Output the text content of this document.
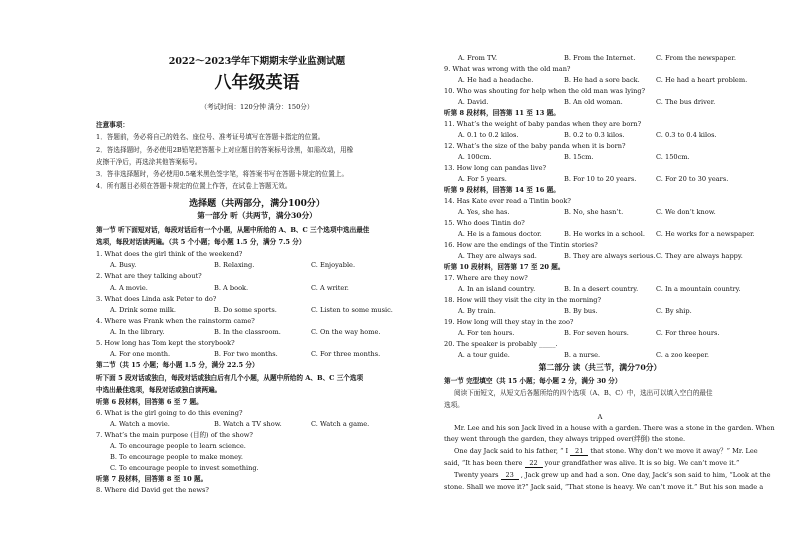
2022～2023学年下期期末学业监测试题
八年级英语
（考试时间：120分钟 满分：150分）
注意事项：
1．答题前，务必将自己的姓名、座位号、准考证号填写在答题卡指定的位置。
2．答选择题时，务必使用2B铅笔把答题卡上对应题目的答案标号涂黑，如需改动，用橡
皮擦干净后，再选涂其他答案标号。
3．答非选择题时，务必使用0.5毫米黑色签字笔，将答案书写在答题卡规定的位置上。
4．所有题目必须在答题卡规定的位置上作答，在试卷上答题无效。
选择题（共两部分，满分100分）
第一部分 听（共两节，满分30分）
第一节 听下面短对话，每段对话后有一个小题，从题中所给的 A、B、C 三个选项中选出最佳
选项，每段对话读两遍。（共 5 个小题；每小题 1.5 分，满分 7.5 分）
1. What does the girl think of the weekend?
A. Busy.	B. Relaxing.	C. Enjoyable.
2. What are they talking about?
A. A movie.	B. A book.	C. A writer.
3. What does Linda ask Peter to do?
A. Drink some milk.	B. Do some sports.	C. Listen to some music.
4. Where was Frank when the rainstorm came?
A. In the library.	B. In the classroom.	C. On the way home.
5. How long has Tom kept the storybook?
A. For one month.	B. For two months.	C. For three months.
第二节（共 15 小题；每小题 1.5 分，满分 22.5 分）
听下面 5 段对话或独白，每段对话或独白后有几个小题，从题中所给的 A、B、C 三个选项
中选出最佳选项，每段对话或独白读两遍。
听第 6 段材料，回答第 6 至 7 题。
6. What is the girl going to do this evening?
A. Watch a movie.	B. Watch a TV show.	C. Watch a game.
7. What’s the main purpose (目的) of the show?
A. To encourage people to learn science.
B. To encourage people to make money.
C. To encourage people to invest something.
听第 7 段材料，回答第 8 至 10 题。
8. Where did David get the news?
A. From TV.	B. From the Internet.	C. From the newspaper.
9. What was wrong with the old man?
A. He had a headache.	B. He had a sore back. C. He had a heart problem.
10. Who was shouting for help when the old man was lying?
A. David.	B. An old woman.	C. The bus driver.
听第 8 段材料，回答第 11 至 13 题。
11. What’s the weight of baby pandas when they are born?
A. 0.1 to 0.2 kilos.	B. 0.2 to 0.3 kilos.	C. 0.3 to 0.4 kilos.
12. What’s the size of the baby panda when it is born?
A. 100cm.	B. 15cm.	C. 150cm.
13. How long can pandas live?
A. For 5 years.	B. For 10 to 20 years.	C. For 20 to 30 years.
听第 9 段材料，回答第 14 至 16 题。
14. Has Kate ever read a Tintin book?
A. Yes, she has.	B. No, she hasn’t.	C. We don’t know.
15. Who does Tintin do?
A. He is a famous doctor.	B. He works in a school. C. He works for a newspaper.
16. How are the endings of the Tintin stories?
A. They are always sad.	B. They are always serious. C. They are always happy.
听第 10 段材料，回答第 17 至 20 题。
17. Where are they now?
A. In an island country.	B. In a desert country.	C. In a mountain country.
18. How will they visit the city in the morning?
A. By train.	B. By bus.	C. By ship.
19. How long will they stay in the zoo?
A. For ten hours.	B. For seven hours.	C. For three hours.
20. The speaker is probably _____.
A. a tour guide.	B. a nurse.	C. a zoo keeper.
第二部分 读（共三节，满分70分）
第一节 完型填空（共 15 小题；每小题 2 分，满分 30 分）
阅读下面短文，从短文后各题所给的四个选项（A、B、C）中，选出可以填入空白的最佳
选项。
A
Mr. Lee and his son Jack lived in a house with a garden. There was a stone in the garden. When
they went through the garden, they always tripped over(绊倒) the stone.
One day Jack said to his father, “ I 21 that stone. Why don’t we move it away？” Mr. Lee
said, “It has been there 22 your grandfather was alive. It is so big. We can’t move it.”
Twenty years 23 , Jack grew up and had a son. One day, Jack’s son said to him, “Look at the
stone. Shall we move it?” Jack said, “That stone is heavy. We can’t move it.” But his son made a
